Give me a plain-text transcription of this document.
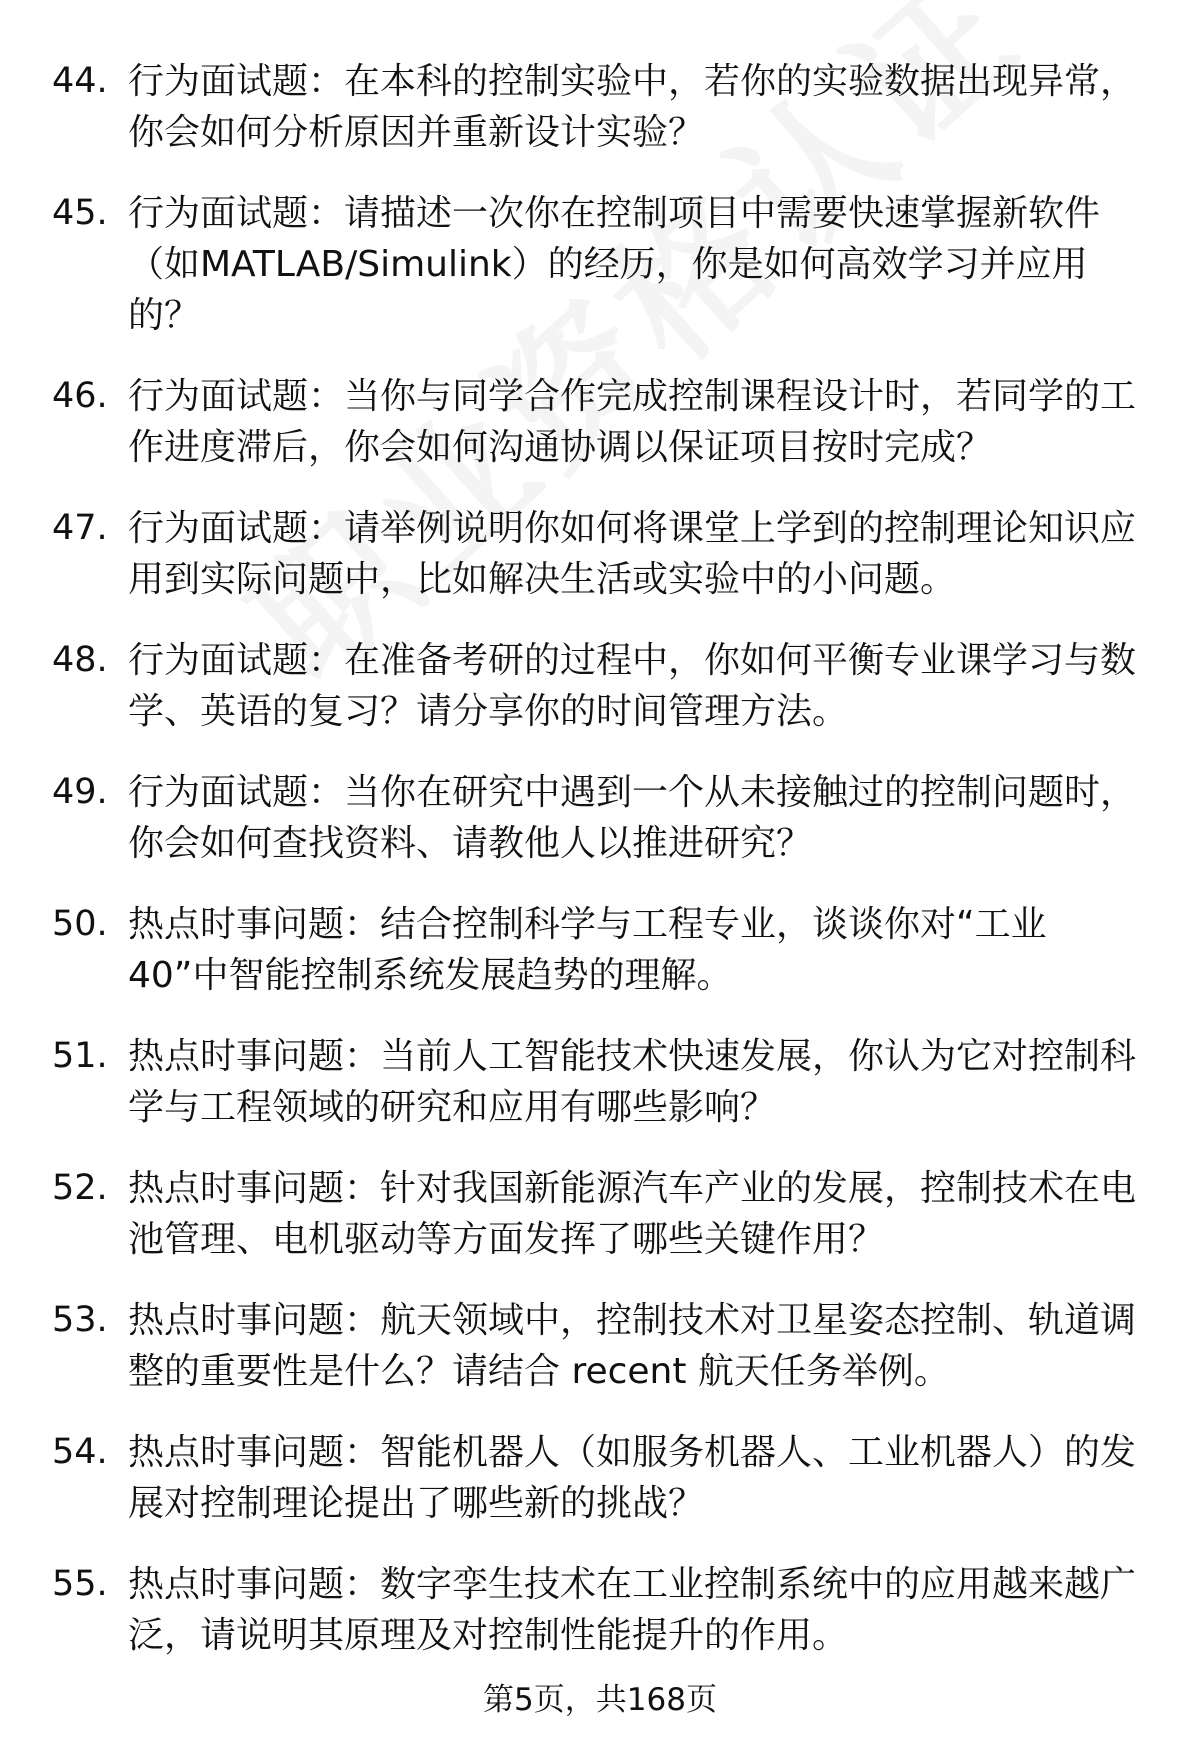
44. 行为面试题：在本科的控制实验中，若你的实验数据出现异常，你会如何分析原因并重新设计实验？
45. 行为面试题：请描述一次你在控制项目中需要快速掌握新软件（如MATLAB/Simulink）的经历，你是如何高效学习并应用的？
46. 行为面试题：当你与同学合作完成控制课程设计时，若同学的工作进度滞后，你会如何沟通协调以保证项目按时完成？
47. 行为面试题：请举例说明你如何将课堂上学到的控制理论知识应用到实际问题中，比如解决生活或实验中的小问题。
48. 行为面试题：在准备考研的过程中，你如何平衡专业课学习与数学、英语的复习？请分享你的时间管理方法。
49. 行为面试题：当你在研究中遇到一个从未接触过的控制问题时，你会如何查找资料、请教他人以推进研究？
50. 热点时事问题：结合控制科学与工程专业，谈谈你对“工业40”中智能控制系统发展趋势的理解。
51. 热点时事问题：当前人工智能技术快速发展，你认为它对控制科学与工程领域的研究和应用有哪些影响？
52. 热点时事问题：针对我国新能源汽车产业的发展，控制技术在电池管理、电机驱动等方面发挥了哪些关键作用？
53. 热点时事问题：航天领域中，控制技术对卫星姿态控制、轨道调整的重要性是什么？请结合 recent 航天任务举例。
54. 热点时事问题：智能机器人（如服务机器人、工业机器人）的发展对控制理论提出了哪些新的挑战？
55. 热点时事问题：数字孪生技术在工业控制系统中的应用越来越广泛，请说明其原理及对控制性能提升的作用。
第5页，共168页
